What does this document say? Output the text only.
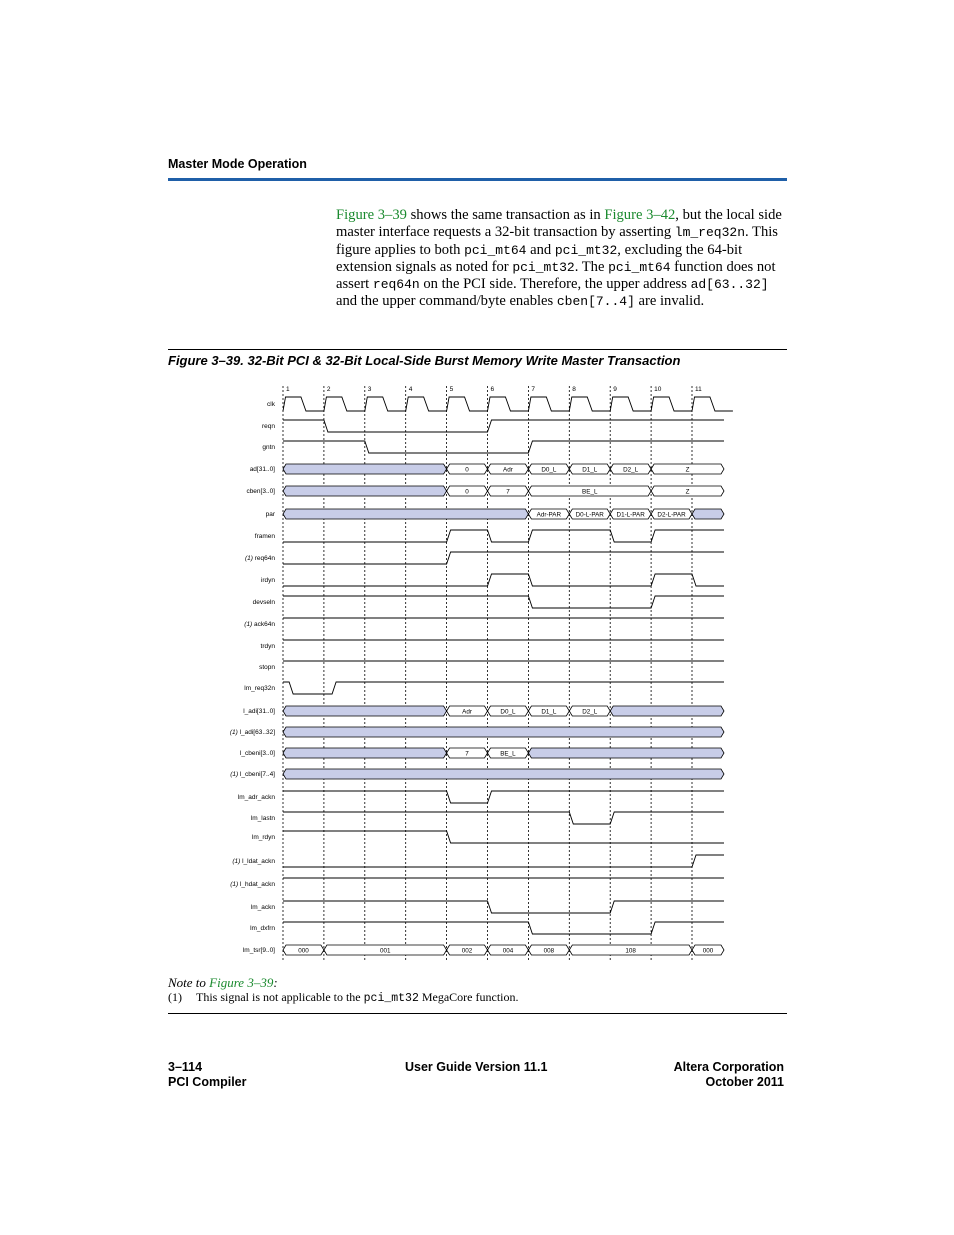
Master Mode Operation
Figure 3–39 shows the same transaction as in Figure 3–42, but the local side master interface requests a 32-bit transaction by asserting lm_req32n. This figure applies to both pci_mt64 and pci_mt32, excluding the 64-bit extension signals as noted for pci_mt32. The pci_mt64 function does not assert req64n on the PCI side. Therefore, the upper address ad[63..32] and the upper command/byte enables cben[7..4] are invalid.
Figure 3–39. 32-Bit PCI & 32-Bit Local-Side Burst Memory Write Master Transaction
1	2	3	4	5	6	7	8	9	10	11
clk
reqn
gntn
ad[31..0]	0	Adr	D0_L	D1_L	D2_L	Z
cben[3..0]	0	7	BE_L	Z
par	Adr-PAR D0-L-PAR D1-L-PAR D2-L-PAR
framen
(1) req64n
irdyn
devseln
(1) ack64n
trdyn
stopn
lm_req32n
l_adi[31..0]	Adr	D0_L	D1_L	D2_L
(1) l_adi[63..32]
l_cbeni[3..0]	7	BE_L
(1) l_cbeni[7..4]
lm_adr_ackn
lm_lastn
lm_rdyn
(1) l_ldat_ackn
(1) l_hdat_ackn
lm_ackn
lm_dxfrn
lm_tsr[9..0]	000	001	002	004	008	108	000
Note to Figure 3–39:
(1) This signal is not applicable to the pci_mt32 MegaCore function.
3–114
PCI Compiler
User Guide Version 11.1	Altera Corporation
October 2011
